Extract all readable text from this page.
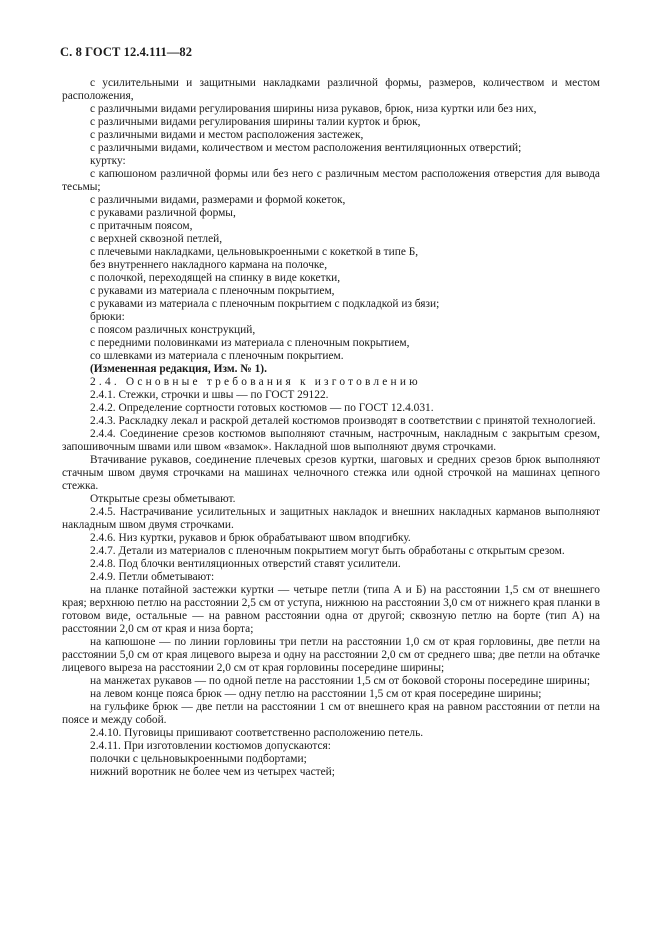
С. 8 ГОСТ 12.4.111—82

с усилительными и защитными накладками различной формы, размеров, количеством и местом расположения,

с различными видами регулирования ширины низа рукавов, брюк, низа куртки или без них,

с различными видами регулирования ширины талии курток и брюк,

с различными видами и местом расположения застежек,

с различными видами, количеством и местом расположения вентиляционных отверстий;

куртку:

с капюшоном различной формы или без него с различным местом расположения отверстия для вывода тесьмы;

с различными видами, размерами и формой кокеток,

с рукавами различной формы,

с притачным поясом,

с верхней сквозной петлей,

с плечевыми накладками, цельновыкроенными с кокеткой в типе Б,

без внутреннего накладного кармана на полочке,

с полочкой, переходящей на спинку в виде кокетки,

с рукавами из материала с пленочным покрытием,

с рукавами из материала с пленочным покрытием с подкладкой из бязи;

брюки:

с поясом различных конструкций,

с передними половинками из материала с пленочным покрытием,

со шлевками из материала с пленочным покрытием.

(Измененная редакция, Изм. № 1).

2.4. Основные требования к изготовлению

2.4.1. Стежки, строчки и швы — по ГОСТ 29122.

2.4.2. Определение сортности готовых костюмов — по ГОСТ 12.4.031.

2.4.3. Раскладку лекал и раскрой деталей костюмов производят в соответствии с принятой технологией.

2.4.4. Соединение срезов костюмов выполняют стачным, настрочным, накладным с закрытым срезом, запошивочным швами или швом «взамок». Накладной шов выполняют двумя строчками.

Втачивание рукавов, соединение плечевых срезов куртки, шаговых и средних срезов брюк выполняют стачным швом двумя строчками на машинах челночного стежка или одной строчкой на машинах цепного стежка.

Открытые срезы обметывают.

2.4.5. Настрачивание усилительных и защитных накладок и внешних накладных карманов выполняют накладным швом двумя строчками.

2.4.6. Низ куртки, рукавов и брюк обрабатывают швом вподгибку.

2.4.7. Детали из материалов с пленочным покрытием могут быть обработаны с открытым срезом.

2.4.8. Под блочки вентиляционных отверстий ставят усилители.

2.4.9. Петли обметывают:

на планке потайной застежки куртки — четыре петли (типа А и Б) на расстоянии 1,5 см от внешнего края; верхнюю петлю на расстоянии 2,5 см от уступа, нижнюю на расстоянии 3,0 см от нижнего края планки в готовом виде, остальные — на равном расстоянии одна от другой; сквозную петлю на борте (тип А) на расстоянии 2,0 см от края и низа борта;

на капюшоне — по линии горловины три петли на расстоянии 1,0 см от края горловины, две петли на расстоянии 5,0 см от края лицевого выреза и одну на расстоянии 2,0 см от среднего шва; две петли на обтачке лицевого выреза на расстоянии 2,0 см от края горловины посередине ширины;

на манжетах рукавов — по одной петле на расстоянии 1,5 см от боковой стороны посередине ширины;

на левом конце пояса брюк — одну петлю на расстоянии 1,5 см от края посередине ширины;

на гульфике брюк — две петли на расстоянии 1 см от внешнего края на равном расстоянии от петли на поясе и между собой.

2.4.10. Пуговицы пришивают соответственно расположению петель.

2.4.11. При изготовлении костюмов допускаются:

полочки с цельновыкроенными подбортами;

нижний воротник не более чем из четырех частей;
